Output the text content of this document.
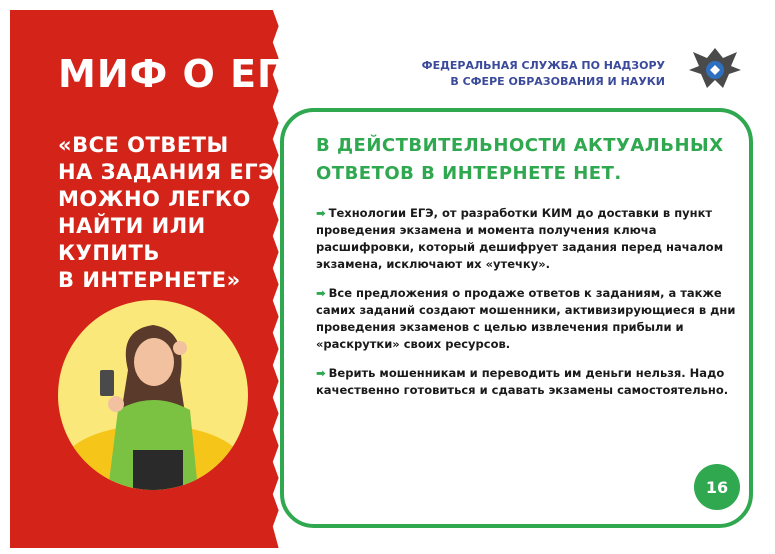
МИФ О ЕГЭ
«ВСЕ ОТВЕТЫ
НА ЗАДАНИЯ ЕГЭ
МОЖНО ЛЕГКО
НАЙТИ ИЛИ КУПИТЬ
В ИНТЕРНЕТЕ»
ФЕДЕРАЛЬНАЯ СЛУЖБА ПО НАДЗОРУ
В СФЕРЕ ОБРАЗОВАНИЯ И НАУКИ
В ДЕЙСТВИТЕЛЬНОСТИ АКТУАЛЬНЫХ
ОТВЕТОВ В ИНТЕРНЕТЕ НЕТ.
➡ Технологии ЕГЭ, от разработки КИМ до доставки в пункт проведения экзамена и момента получения ключа расшифровки, который дешифрует задания перед началом экзамена, исключают их «утечку».
➡ Все предложения о продаже ответов к заданиям, а также самих заданий создают мошенники, активизирующиеся в дни проведения экзаменов с целью извлечения прибыли и «раскрутки» своих ресурсов.
➡ Верить мошенникам и переводить им деньги нельзя. Надо качественно готовиться и сдавать экзамены самостоятельно.
16
